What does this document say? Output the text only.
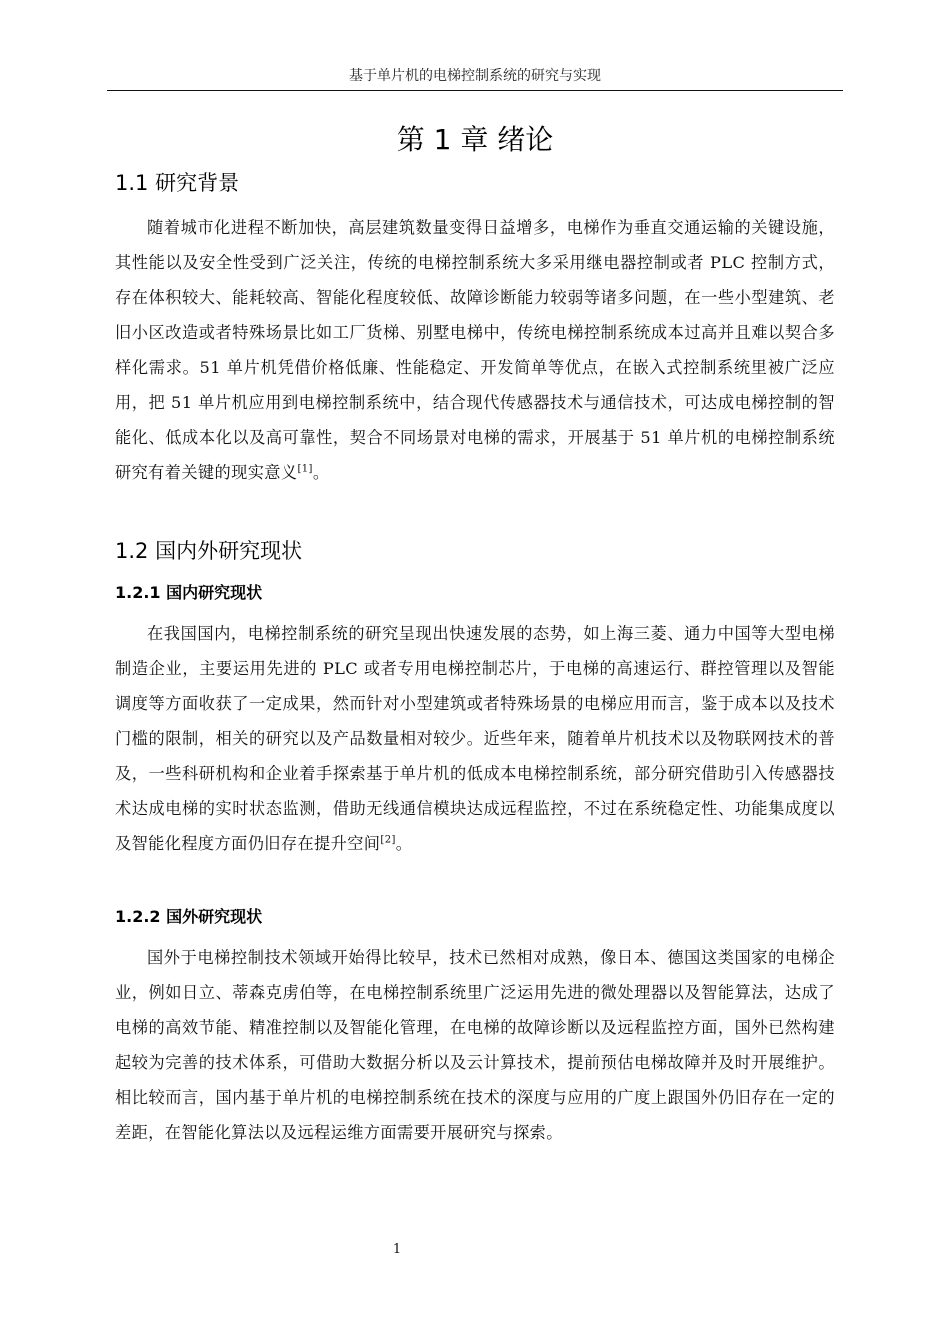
基于单片机的电梯控制系统的研究与实现
第 1 章 绪论
1.1 研究背景

随着城市化进程不断加快，高层建筑数量变得日益增多，电梯作为垂直交通运输的关键设施，其性能以及安全性受到广泛关注，传统的电梯控制系统大多采用继电器控制或者 PLC 控制方式，存在体积较大、能耗较高、智能化程度较低、故障诊断能力较弱等诸多问题，在一些小型建筑、老旧小区改造或者特殊场景比如工厂货梯、别墅电梯中，传统电梯控制系统成本过高并且难以契合多样化需求。51 单片机凭借价格低廉、性能稳定、开发简单等优点，在嵌入式控制系统里被广泛应用，把 51 单片机应用到电梯控制系统中，结合现代传感器技术与通信技术，可达成电梯控制的智能化、低成本化以及高可靠性，契合不同场景对电梯的需求，开展基于 51 单片机的电梯控制系统研究有着关键的现实意义[1]。

1.2 国内外研究现状
1.2.1 国内研究现状

在我国国内，电梯控制系统的研究呈现出快速发展的态势，如上海三菱、通力中国等大型电梯制造企业，主要运用先进的 PLC 或者专用电梯控制芯片，于电梯的高速运行、群控管理以及智能调度等方面收获了一定成果，然而针对小型建筑或者特殊场景的电梯应用而言，鉴于成本以及技术门槛的限制，相关的研究以及产品数量相对较少。近些年来，随着单片机技术以及物联网技术的普及，一些科研机构和企业着手探索基于单片机的低成本电梯控制系统，部分研究借助引入传感器技术达成电梯的实时状态监测，借助无线通信模块达成远程监控，不过在系统稳定性、功能集成度以及智能化程度方面仍旧存在提升空间[2]。

1.2.2 国外研究现状

国外于电梯控制技术领域开始得比较早，技术已然相对成熟，像日本、德国这类国家的电梯企业，例如日立、蒂森克虏伯等，在电梯控制系统里广泛运用先进的微处理器以及智能算法，达成了电梯的高效节能、精准控制以及智能化管理，在电梯的故障诊断以及远程监控方面，国外已然构建起较为完善的技术体系，可借助大数据分析以及云计算技术，提前预估电梯故障并及时开展维护。相比较而言，国内基于单片机的电梯控制系统在技术的深度与应用的广度上跟国外仍旧存在一定的差距，在智能化算法以及远程运维方面需要开展研究与探索。

1
